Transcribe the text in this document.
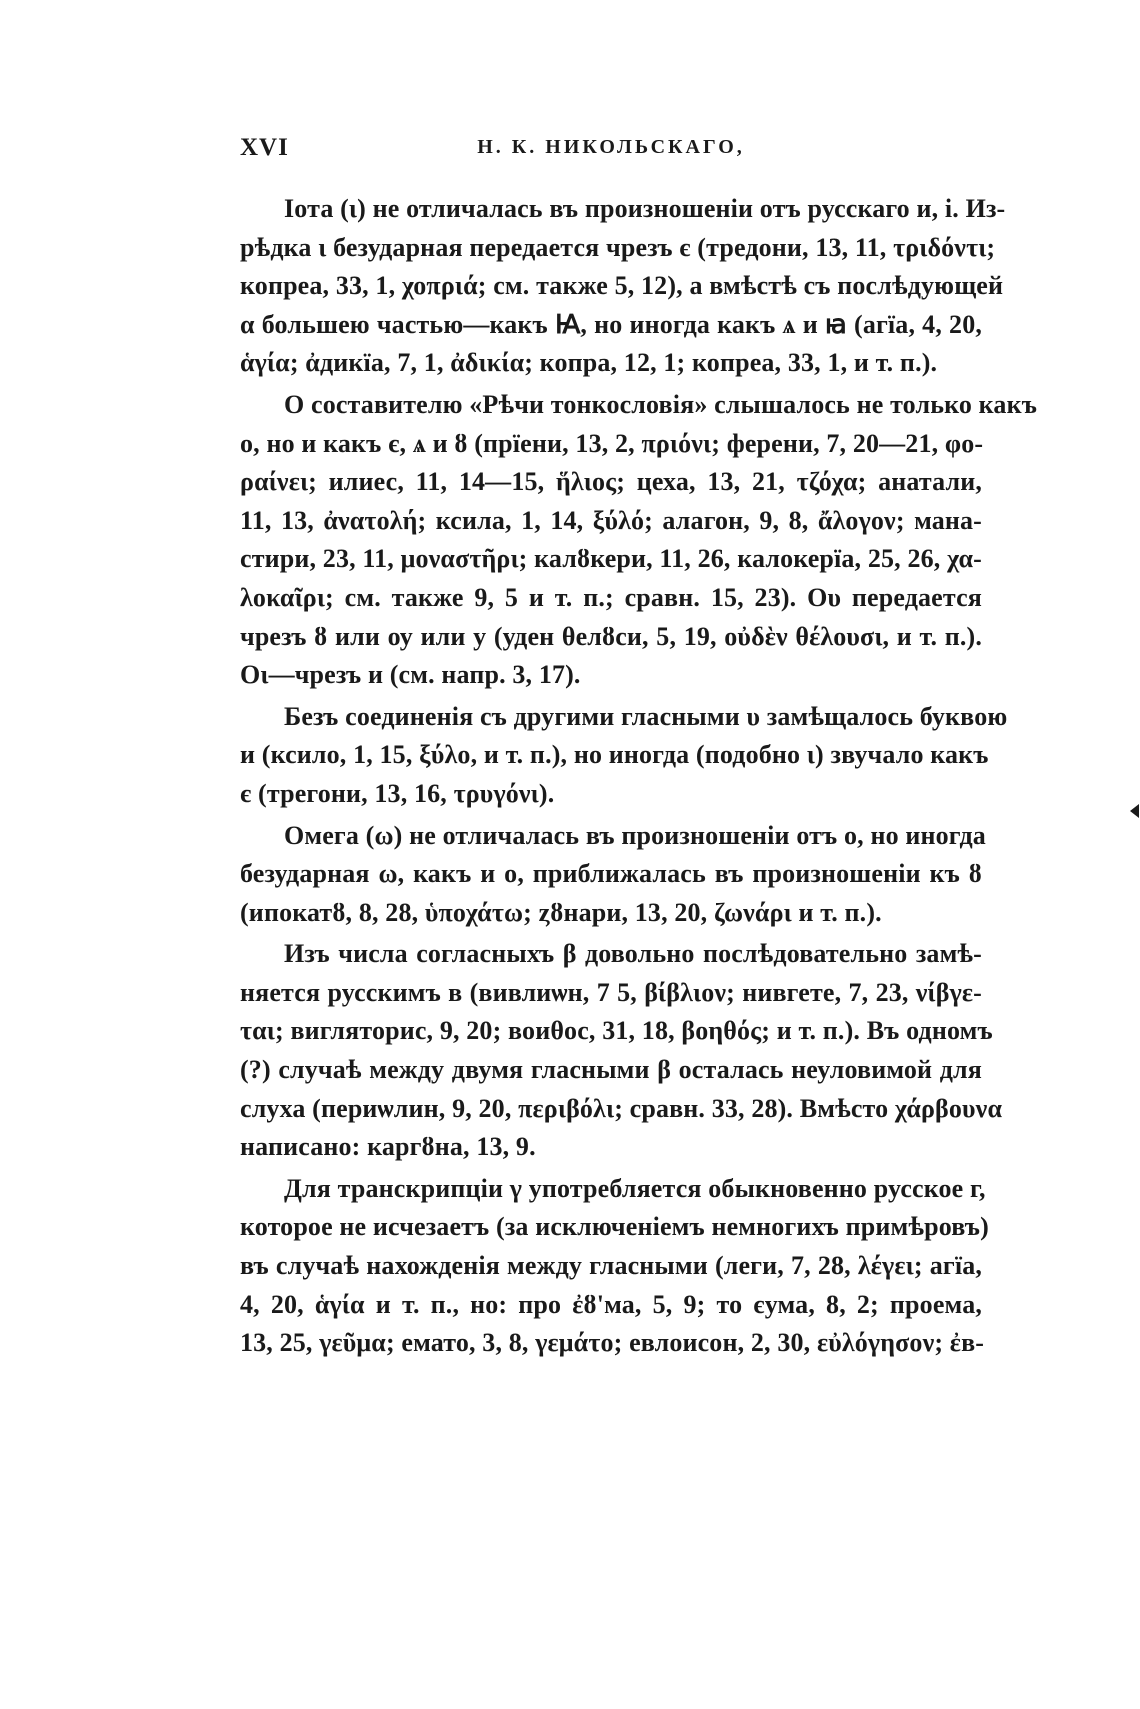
XVI	Н. К. НИКОЛЬСКАГО,

Іота (ι) не отличалась въ произношеніи отъ русскаго и, і. Из-
рѣдка ι безударная передается чрезъ є (тредони, 13, 11, τριδόντι;
копреа, 33, 1, χοπριά; см. также 5, 12), а вмѣстѣ съ послѣдующей
α большею частью—какъ Ꙗ, но иногда какъ ѧ и ꙗ (агїа, 4, 20,
ἁγία; ἀдикїа, 7, 1, ἀδικία; копра, 12, 1; копреа, 33, 1, и т. п.).

О составителю «Рѣчи тонкословія» слышалось не только какъ
о, но и какъ є, ѧ и ȣ (прїени, 13, 2, πριόνι; ферени, 7, 20—21, φο-
ραίνει; илиес, 11, 14—15, ἥλιος; цеха, 13, 21, τζόχα; анатали,
11, 13, ἀνατολή; ксила, 1, 14, ξύλό; алагон, 9, 8, ἄλογον; мана-
стири, 23, 11, μοναστῆρι; калȣкери, 11, 26, калокерїа, 25, 26, χα-
λοκαῖρι; см. также 9, 5 и т. п.; сравн. 15, 23). Оυ передается
чрезъ ȣ или оу или у (уден θелȣси, 5, 19, οὐδὲν θέλουσι, и т. п.).
Οι—чрезъ и (см. напр. 3, 17).

Безъ соединенія съ другими гласными υ замѣщалось буквою
и (ксило, 1, 15, ξύλο, и т. п.), но иногда (подобно ι) звучало какъ
є (трегони, 13, 16, τρυγόνι).

Омега (ω) не отличалась въ произношеніи отъ о, но иногда
безударная ω, какъ и о, приближалась въ произношеніи къ ȣ
(ипокатȣ, 8, 28, ὑποχάτω; ȥȣнари, 13, 20, ζωνάρι и т. п.).

Изъ числа согласныхъ β довольно послѣдовательно замѣ-
няется русскимъ в (вивлиѡн, 7 5, βίβλιον; нивгете, 7, 23, νίβγε-
ται; вигляторис, 9, 20; воиθос, 31, 18, βοηθός; и т. п.). Въ одномъ
(?) случаѣ между двумя гласными β осталась неуловимой для
слуха (периѡлин, 9, 20, περιβόλι; сравн. 33, 28). Вмѣсто χάρβουνα
написано: каргȣна, 13, 9.

Для транскрипціи γ употребляется обыкновенно русское г,
которое не исчезаетъ (за исключеніемъ немногихъ примѣровъ)
въ случаѣ нахожденія между гласными (леги, 7, 28, λέγει; агїа,
4, 20, ἁγία и т. п., но: про ἐȣ'ма, 5, 9; то єума, 8, 2; проема,
13, 25, γεῦμα; емато, 3, 8, γεμάτο; евлоисон, 2, 30, εὐλόγησον; ἐв-
